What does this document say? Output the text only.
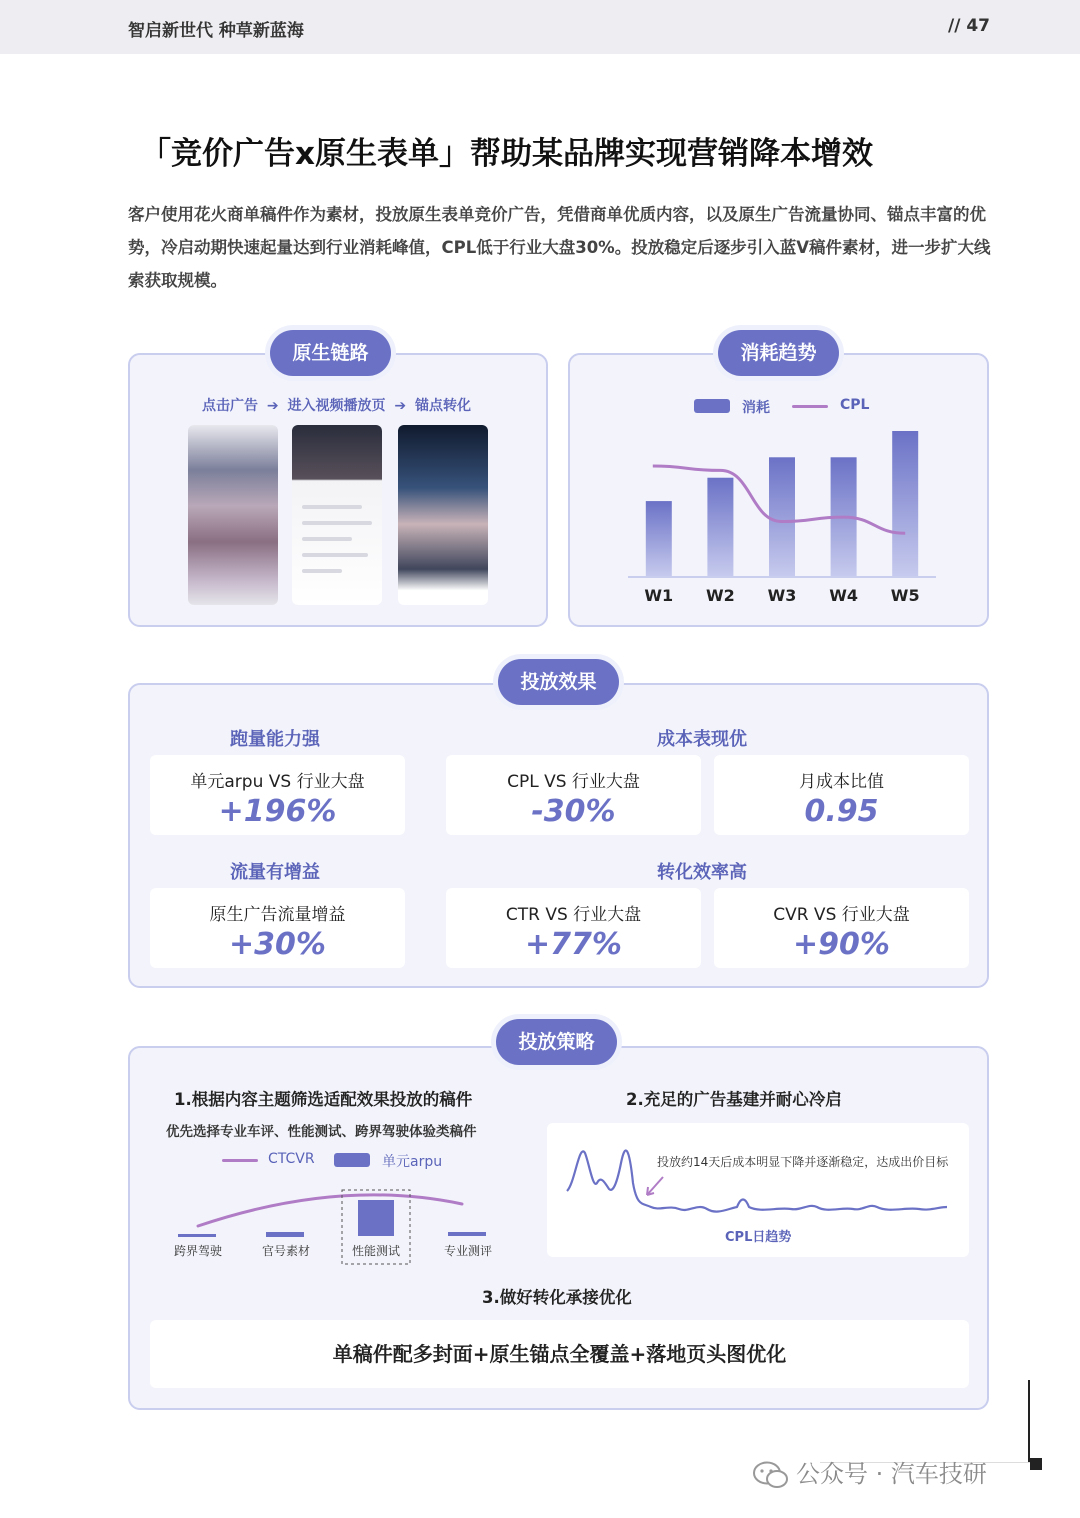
智启新世代 种草新蓝海	// 47
「竞价广告x原生表单」帮助某品牌实现营销降本增效

客户使用花火商单稿件作为素材，投放原生表单竞价广告，凭借商单优质内容，以及原生广告流量协同、锚点丰富的优势，冷启动期快速起量达到行业消耗峰值，CPL低于行业大盘30%。投放稳定后逐步引入蓝V稿件素材，进一步扩大线索获取规模。

点击广告 ➔ 进入视频播放页 ➔ 锚点转化
原生链路
消耗	CPL
W1 W2 W3 W4 W5
消耗趋势
跑量能力强	成本表现优
流量有增益	转化效率高
单元arpu VS 行业大盘
+196%
CPL VS 行业大盘
-30%
月成本比值
0.95
原生广告流量增益
+30%
CTR VS 行业大盘
+77%
CVR VS 行业大盘
+90%
投放效果
1.根据内容主题筛选适配效果投放的稿件
优先选择专业车评、性能测试、跨界驾驶体验类稿件
CTCVR	单元arpu
跨界驾驶	官号素材	性能测试	专业测评
2.充足的广告基建并耐心冷启
投放约14天后成本明显下降并逐渐稳定，达成出价目标
CPL日趋势
3.做好转化承接优化
单稿件配多封面+原生锚点全覆盖+落地页头图优化
投放策略
公众号 · 汽车技研
